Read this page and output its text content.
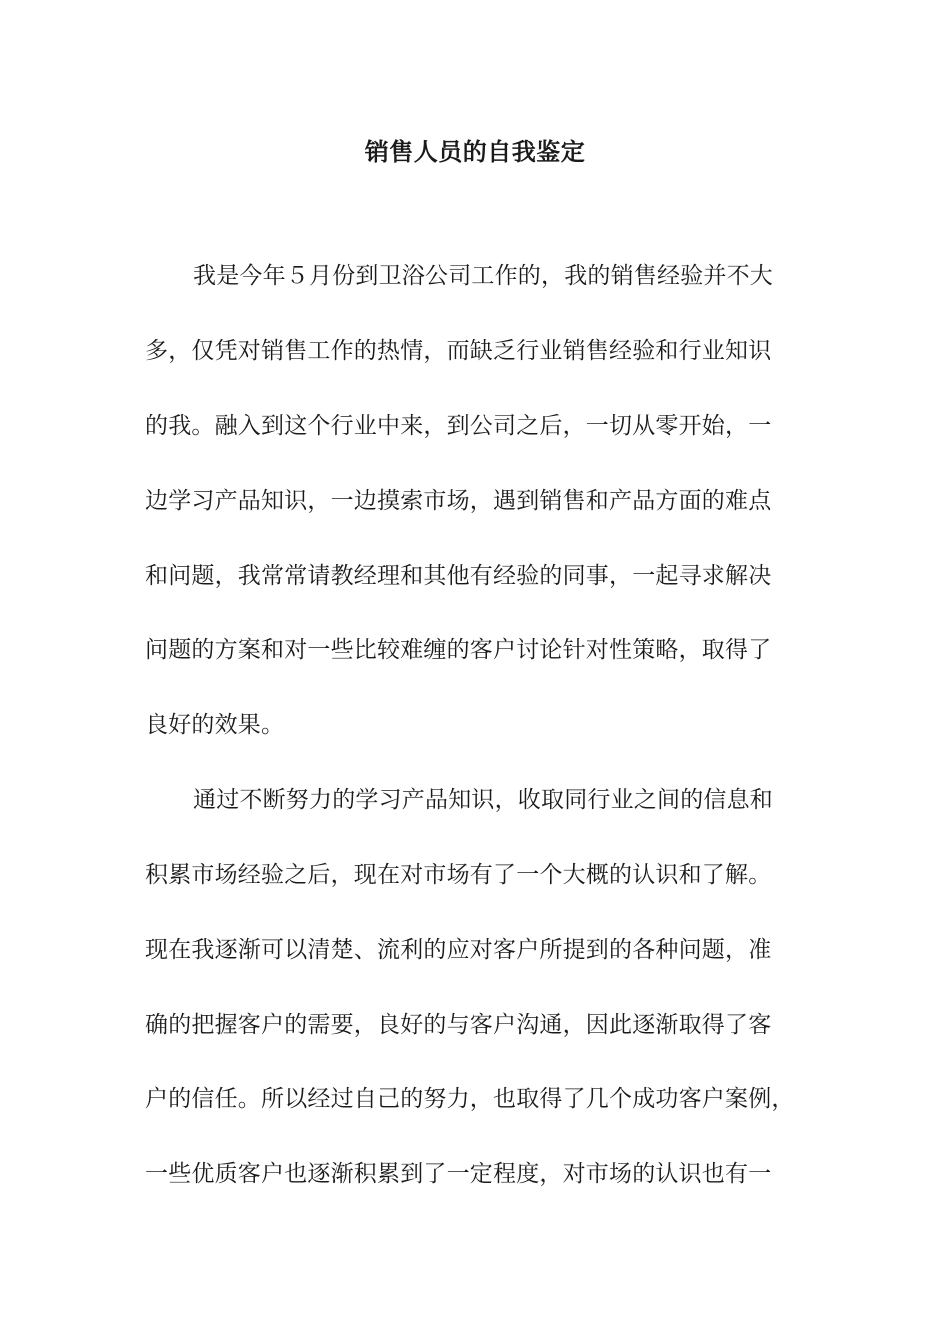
销售人员的自我鉴定
我是今年５月份到卫浴公司工作的，我的销售经验并不大
多，仅凭对销售工作的热情，而缺乏行业销售经验和行业知识
的我。融入到这个行业中来，到公司之后，一切从零开始，一
边学习产品知识，一边摸索市场，遇到销售和产品方面的难点
和问题，我常常请教经理和其他有经验的同事，一起寻求解决
问题的方案和对一些比较难缠的客户讨论针对性策略，取得了
良好的效果。
通过不断努力的学习产品知识，收取同行业之间的信息和
积累市场经验之后，现在对市场有了一个大概的认识和了解。
现在我逐渐可以清楚、流利的应对客户所提到的各种问题，准
确的把握客户的需要，良好的与客户沟通，因此逐渐取得了客
户的信任。所以经过自己的努力，也取得了几个成功客户案例，
一些优质客户也逐渐积累到了一定程度，对市场的认识也有一
